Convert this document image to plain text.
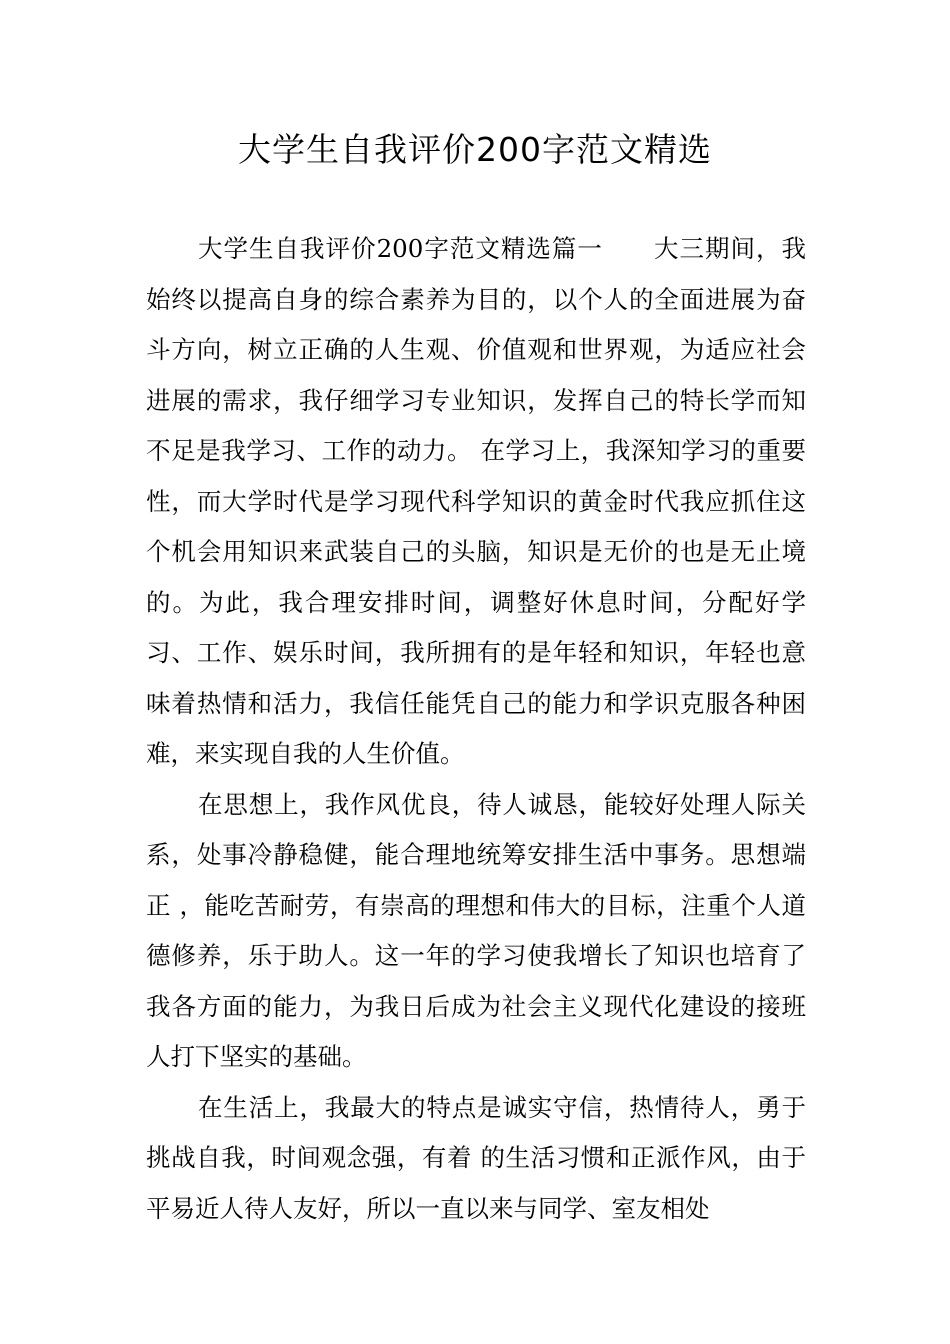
大学生自我评价200字范文精选

大学生自我评价200字范文精选篇一　　大三期间，我始终以提高自身的综合素养为目的，以个人的全面进展为奋斗方向，树立正确的人生观、价值观和世界观，为适应社会进展的需求，我仔细学习专业知识，发挥自己的特长学而知不足是我学习、工作的动力。 在学习上，我深知学习的重要性，而大学时代是学习现代科学知识的黄金时代我应抓住这个机会用知识来武装自己的头脑，知识是无价的也是无止境的。为此，我合理安排时间，调整好休息时间，分配好学习、工作、娱乐时间，我所拥有的是年轻和知识，年轻也意味着热情和活力，我信任能凭自己的能力和学识克服各种困难，来实现自我的人生价值。

在思想上，我作风优良，待人诚恳，能较好处理人际关系，处事冷静稳健，能合理地统筹安排生活中事务。思想端正 ，能吃苦耐劳，有崇高的理想和伟大的目标，注重个人道德修养，乐于助人。这一年的学习使我增长了知识也培育了我各方面的能力，为我日后成为社会主义现代化建设的接班人打下坚实的基础。

在生活上，我最大的特点是诚实守信，热情待人，勇于挑战自我，时间观念强，有着 的生活习惯和正派作风，由于平易近人待人友好，所以一直以来与同学、室友相处
